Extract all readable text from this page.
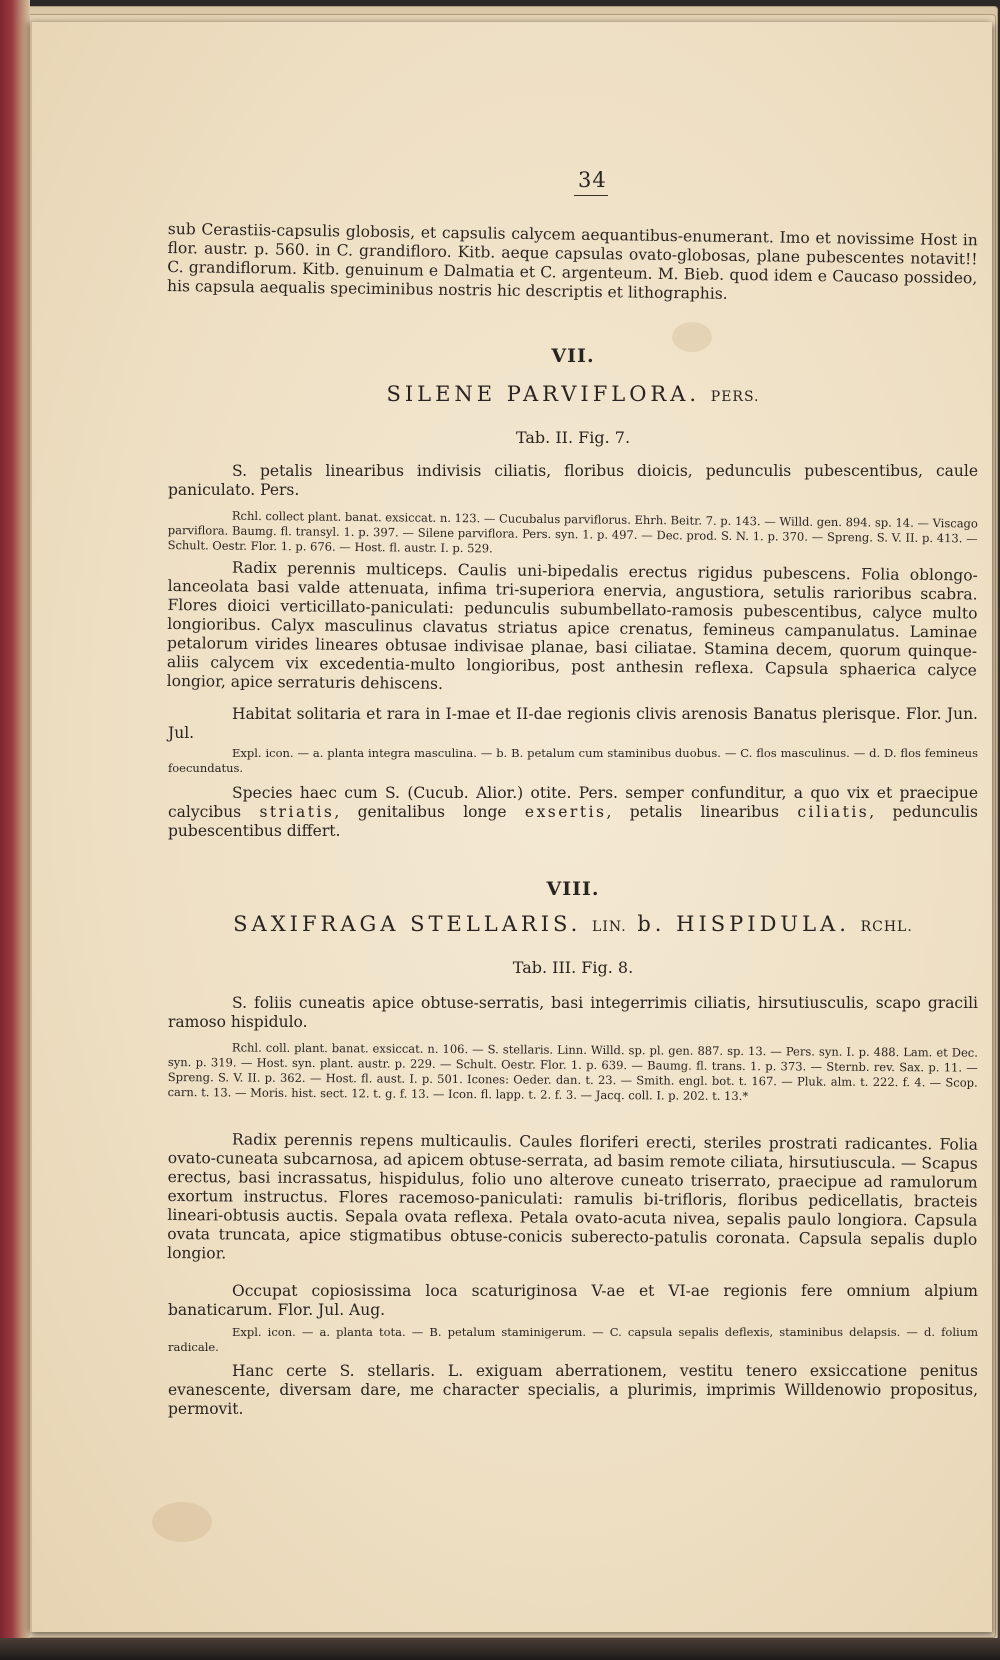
34

sub Cerastiis-capsulis globosis, et capsulis calycem aequantibus-enumerant. Imo et novissime Host in flor. austr. p. 560. in C. grandifloro. Kitb. aeque capsulas ovato-globosas, plane pubescentes notavit!! C. grandiflorum. Kitb. genuinum e Dalmatia et C. argenteum. M. Bieb. quod idem e Caucaso possideo, his capsula aequalis speciminibus nostris hic descriptis et lithographis.

VII.
SILENE PARVIFLORA. PERS.
Tab. II. Fig. 7.
S. petalis linearibus indivisis ciliatis, floribus dioicis, pedunculis pubescentibus, caule paniculato. Pers.
Rchl. collect plant. banat. exsiccat. n. 123. — Cucubalus parviflorus. Ehrh. Beitr. 7. p. 143. — Willd. gen. 894. sp. 14. — Viscago parviflora. Baumg. fl. transyl. 1. p. 397. — Silene parviflora. Pers. syn. 1. p. 497. — Dec. prod. S. N. 1. p. 370. — Spreng. S. V. II. p. 413. — Schult. Oestr. Flor. 1. p. 676. — Host. fl. austr. I. p. 529.
Radix perennis multiceps. Caulis uni-bipedalis erectus rigidus pubescens. Folia oblongo-lanceolata basi valde attenuata, infima tri-superiora enervia, angustiora, setulis rarioribus scabra. Flores dioici verticillato-paniculati: pedunculis subumbellato-ramosis pubescentibus, calyce multo longioribus. Calyx masculinus clavatus striatus apice crenatus, femineus campanulatus. Laminae petalorum virides lineares obtusae indivisae planae, basi ciliatae. Stamina decem, quorum quinque-aliis calycem vix excedentia-multo longioribus, post anthesin reflexa. Capsula sphaerica calyce longior, apice serraturis dehiscens.
Habitat solitaria et rara in I-mae et II-dae regionis clivis arenosis Banatus plerisque. Flor. Jun. Jul.
Expl. icon. — a. planta integra masculina. — b. B. petalum cum staminibus duobus. — C. flos masculinus. — d. D. flos femineus foecundatus.
Species haec cum S. (Cucub. Alior.) otite. Pers. semper confunditur, a quo vix et praecipue calycibus striatis, genitalibus longe exsertis, petalis linearibus ciliatis, pedunculis pubescentibus differt.
VIII.
SAXIFRAGA STELLARIS. LIN. b. HISPIDULA. RCHL.
Tab. III. Fig. 8.
S. foliis cuneatis apice obtuse-serratis, basi integerrimis ciliatis, hirsutiusculis, scapo gracili ramoso hispidulo.
Rchl. coll. plant. banat. exsiccat. n. 106. — S. stellaris. Linn. Willd. sp. pl. gen. 887. sp. 13. — Pers. syn. I. p. 488. Lam. et Dec. syn. p. 319. — Host. syn. plant. austr. p. 229. — Schult. Oestr. Flor. 1. p. 639. — Baumg. fl. trans. 1. p. 373. — Sternb. rev. Sax. p. 11. — Spreng. S. V. II. p. 362. — Host. fl. aust. I. p. 501. Icones: Oeder. dan. t. 23. — Smith. engl. bot. t. 167. — Pluk. alm. t. 222. f. 4. — Scop. carn. t. 13. — Moris. hist. sect. 12. t. g. f. 13. — Icon. fl. lapp. t. 2. f. 3. — Jacq. coll. I. p. 202. t. 13.*
Radix perennis repens multicaulis. Caules floriferi erecti, steriles prostrati radicantes. Folia ovato-cuneata subcarnosa, ad apicem obtuse-serrata, ad basim remote ciliata, hirsutiuscula. — Scapus erectus, basi incrassatus, hispidulus, folio uno alterove cuneato triserrato, praecipue ad ramulorum exortum instructus. Flores racemoso-paniculati: ramulis bi-trifloris, floribus pedicellatis, bracteis lineari-obtusis auctis. Sepala ovata reflexa. Petala ovato-acuta nivea, sepalis paulo longiora. Capsula ovata truncata, apice stigmatibus obtuse-conicis suberecto-patulis coronata. Capsula sepalis duplo longior.
Occupat copiosissima loca scaturiginosa V-ae et VI-ae regionis fere omnium alpium banaticarum. Flor. Jul. Aug.
Expl. icon. — a. planta tota. — B. petalum staminigerum. — C. capsula sepalis deflexis, staminibus delapsis. — d. folium radicale.
Hanc certe S. stellaris. L. exiguam aberrationem, vestitu tenero exsiccatione penitus evanescente, diversam dare, me character specialis, a plurimis, imprimis Willdenowio propositus, permovit.
